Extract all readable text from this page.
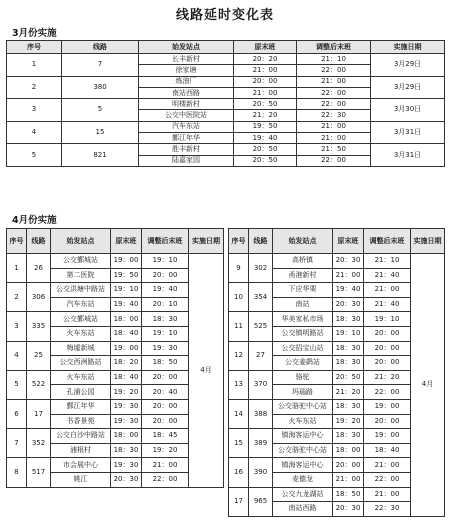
线路延时变化表
3月份实施
序号	线路	始发站点	原末班	调整后末班	实施日期
1	7	长丰新村	20：20	21：10	3月29日
		徐家塘	21：00	22：00	
2	380	炼油厂	20：00	21：00	3月29日
		南站西路	21：00	22：00	
3	5	明楼新村	20：50	22：00	3月30日
		公交中医院站	21：20	22：30	
4	15	汽车东站	19：50	21：00	3月31日
		鄞江年华	19：40	21：00	
5	821	胜丰新村	20：50	21：50	3月31日
		陆嘉家园	20：50	22：00	
4月份实施
序号	线路	始发站点	原末班	调整后末班	实施日期
1	26	公交鄞城站	19：00	19：10	4月
		第二医院	19：50	20：00	
2	306	公交洪塘中路站	19：10	19：40	
		汽车东站	19：40	20：10	
3	335	公交鄞城站	18：00	18：30	
		火车东站	18：40	19：10	
4	25	梅墟新城	19：00	19：30	
		公交西洲路站	18：20	18：50	
5	522	火车东站	18：40	20：00	
		孔浦公园	19：20	20：40	
6	17	鄞江年华	19：30	20：00	
		书香景苑	19：30	20：00	
7	352	公交白沙中路站	18：00	18：45	
		浦根村	18：30	19：20	
8	517	市会展中心	19：30	21：00	
		姚江	20：30	22：00	
序号	线路	始发站点	原末班	调整后末班	实施日期
9	302	高桥镇	20：30	21：10	4月
		甬港新村	21：00	21：40	
10	354	下应华栗	19：40	21：00	
		南站	20：30	21：40	
11	525	华美家私市场	18：30	19：10	
		公交镇明路站	19：10	20：00	
12	27	公交招宝山站	18：30	20：00	
		公交姜鹢站	18：30	20：00	
13	370	骆驼	20：50	21：20	
		玛瑙路	21：20	22：00	
14	388	公交骆驼中心站	18：30	19：00	
		火车东站	19：20	20：00	
15	389	镇海客运中心	18：30	19：00	
		公交骆驼中心站	18：00	18：40	
16	390	镇海客运中心	20：00	21：00	
		麦德龙	21：00	22：00	
17	965	公交九龙湖站	18：50	21：00	
		南站西路	20：30	22：30	
